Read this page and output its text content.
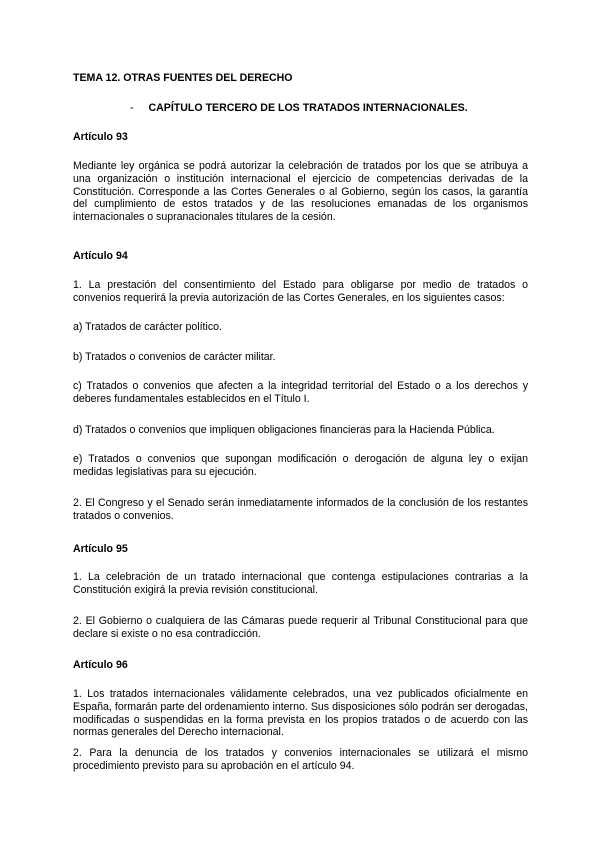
TEMA 12. OTRAS FUENTES DEL DERECHO
- CAPÍTULO TERCERO DE LOS TRATADOS INTERNACIONALES.
Artículo 93

Mediante ley orgánica se podrá autorizar la celebración de tratados por los que se atribuya a una organización o institución internacional el ejercicio de competencias derivadas de la Constitución. Corresponde a las Cortes Generales o al Gobierno, según los casos, la garantía del cumplimiento de estos tratados y de las resoluciones emanadas de los organismos internacionales o supranacionales titulares de la cesión.

Artículo 94

1. La prestación del consentimiento del Estado para obligarse por medio de tratados o convenios requerirá la previa autorización de las Cortes Generales, en los siguientes casos:

a) Tratados de carácter político.

b) Tratados o convenios de carácter militar.

c) Tratados o convenios que afecten a la integridad territorial del Estado o a los derechos y deberes fundamentales establecidos en el Título I.

d) Tratados o convenios que impliquen obligaciones financieras para la Hacienda Pública.

e) Tratados o convenios que supongan modificación o derogación de alguna ley o exijan medidas legislativas para su ejecución.

2. El Congreso y el Senado serán inmediatamente informados de la conclusión de los restantes tratados o convenios.

Artículo 95

1. La celebración de un tratado internacional que contenga estipulaciones contrarias a la Constitución exigirá la previa revisión constitucional.

2. El Gobierno o cualquiera de las Cámaras puede requerir al Tribunal Constitucional para que declare si existe o no esa contradicción.

Artículo 96

1. Los tratados internacionales válidamente celebrados, una vez publicados oficialmente en España, formarán parte del ordenamiento interno. Sus disposiciones sólo podrán ser derogadas, modificadas o suspendidas en la forma prevista en los propios tratados o de acuerdo con las normas generales del Derecho internacional.

2. Para la denuncia de los tratados y convenios internacionales se utilizará el mismo procedimiento previsto para su aprobación en el artículo 94.
